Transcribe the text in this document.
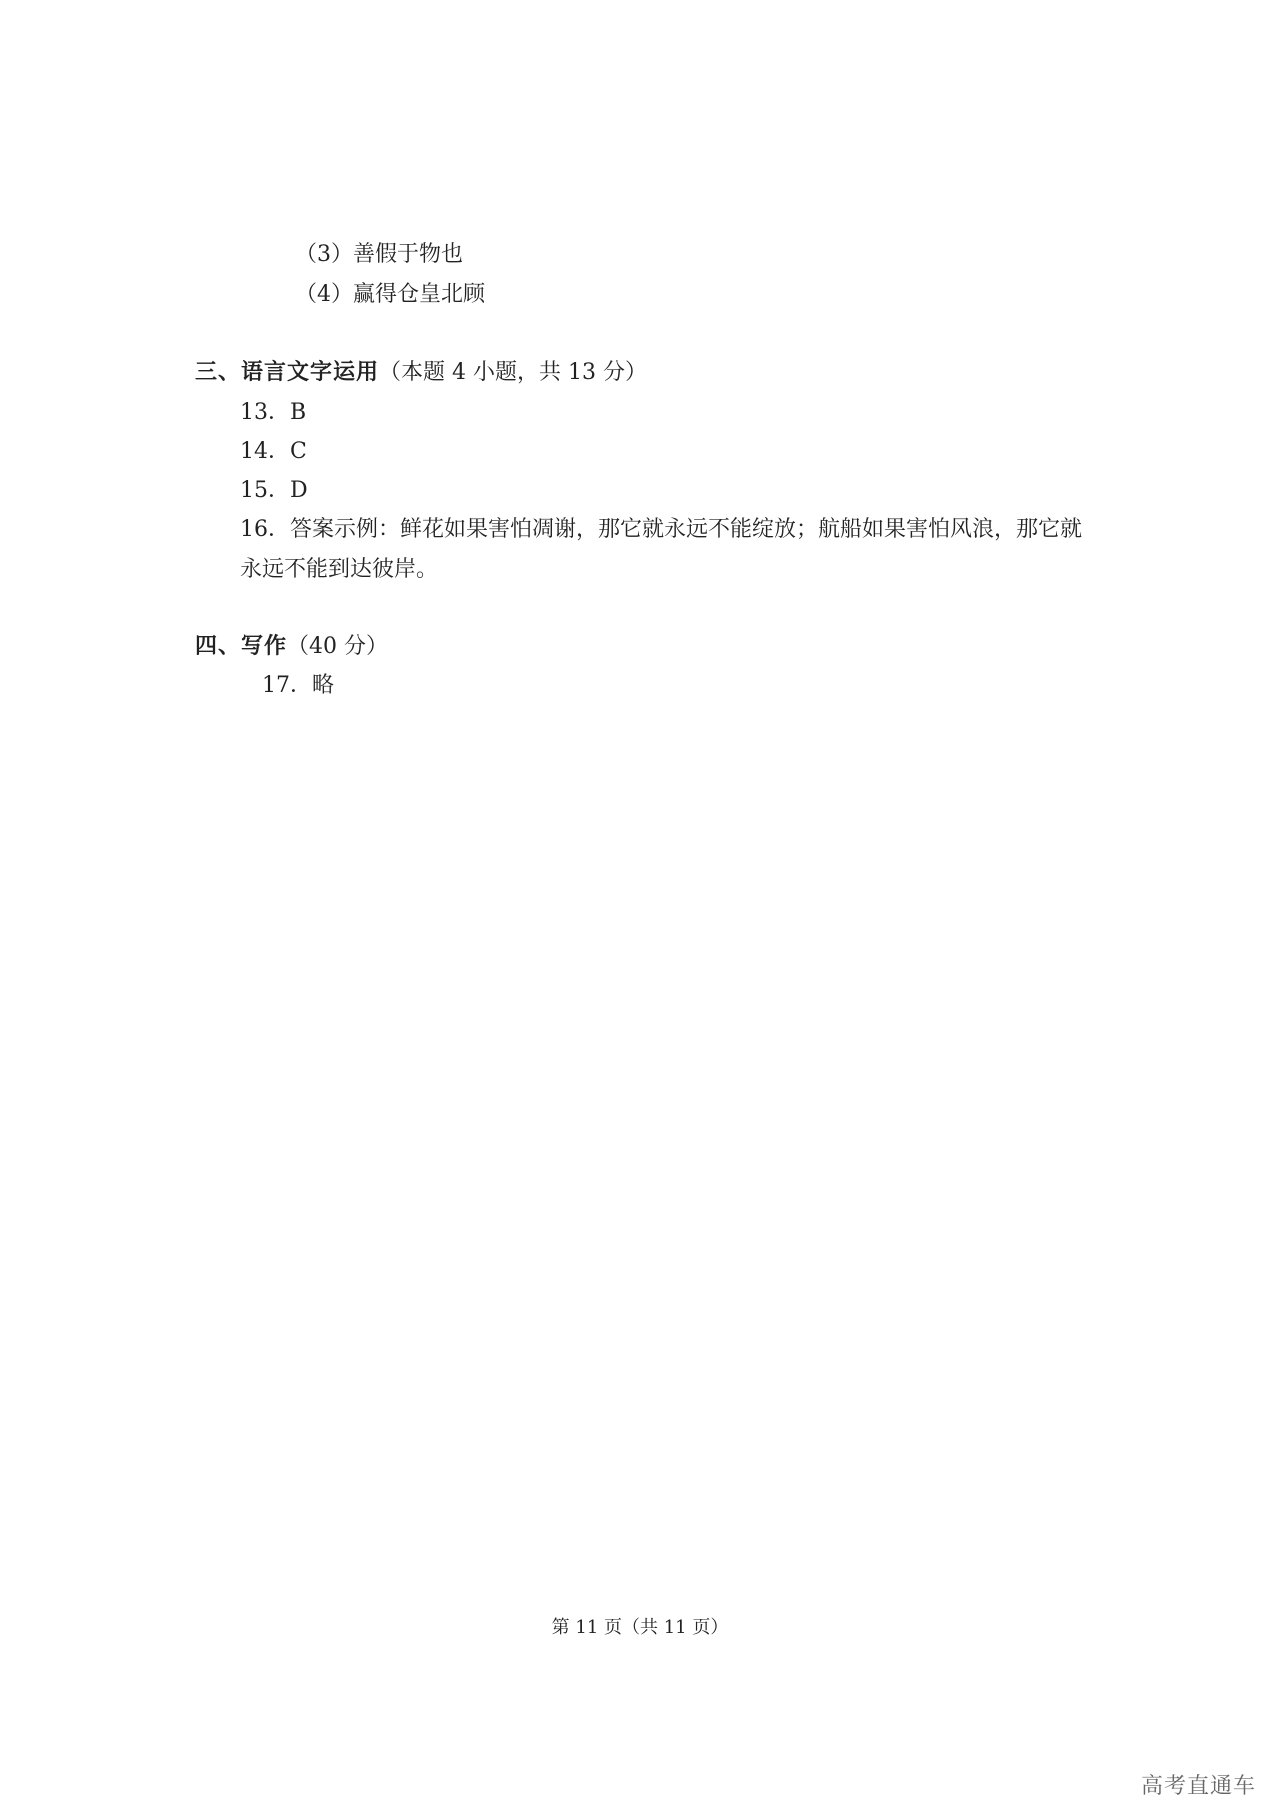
（3）善假于物也
（4）赢得仓皇北顾
三、语言文字运用（本题 4 小题，共 13 分）
13．B
14．C
15．D
16．答案示例：鲜花如果害怕凋谢，那它就永远不能绽放；航船如果害怕风浪，那它就
永远不能到达彼岸。
四、写作（40 分）
17．略
第 11 页（共 11 页）
高考直通车
